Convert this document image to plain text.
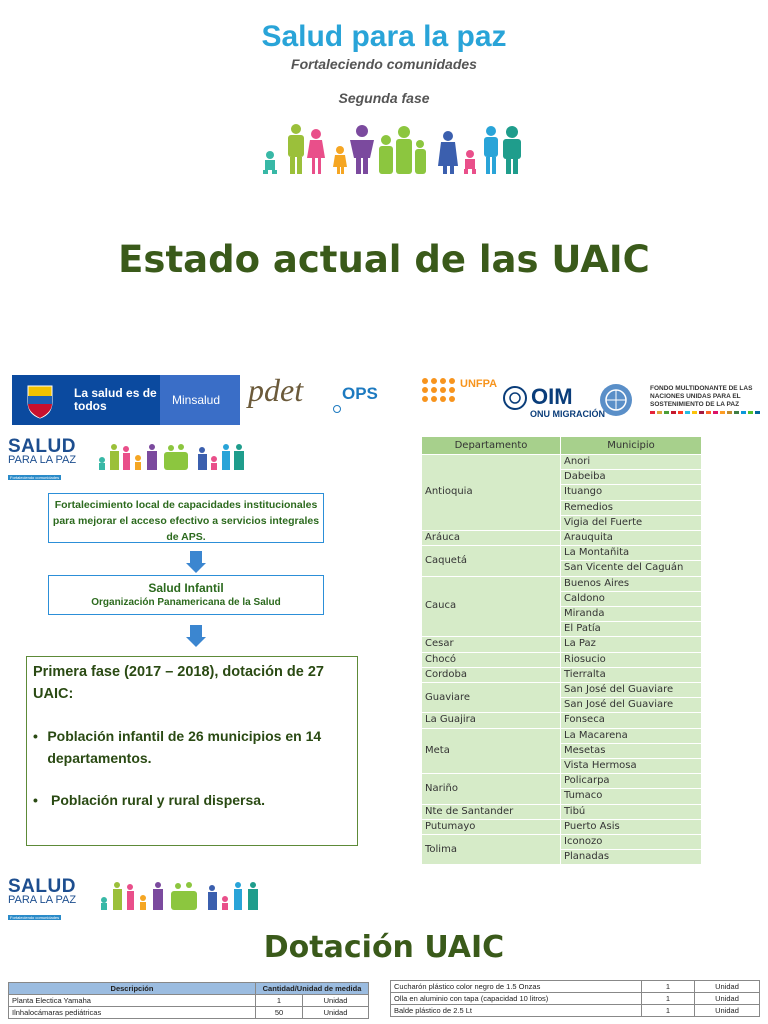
Salud para la paz
Fortaleciendo comunidades
Segunda fase
Estado actual de las UAIC
La salud es de todos	Minsalud pdet OPS	UNFPA OIM
ONU MIGRACIÓN
FONDO MULTIDONANTE DE LAS NACIONES UNIDAS PARA EL SOSTENIMIENTO DE LA PAZ
SALUD
PARA LA PAZ
Fortaleciendo comunidades
Fortalecimiento local de capacidades institucionales para mejorar el acceso efectivo a servicios integrales de APS.
Salud Infantil
Organización Panamericana de la Salud
Primera fase (2017 – 2018), dotación de 27 UAIC:
• Población infantil de 26 municipios en 14 departamentos.
• Población rural y rural dispersa.
Departamento	Municipio
Antioquia	Anori
	Dabeiba
	Ituango
	Remedios
	Vigia del Fuerte
Aráuca	Arauquita
Caquetá	La Montañita
	San Vicente del Caguán
Cauca	Buenos Aires
	Caldono
	Miranda
	El Patía
Cesar	La Paz
Chocó	Riosucio
Cordoba	Tierralta
Guaviare	San José del Guaviare
	San José del Guaviare
La Guajira	Fonseca
Meta	La Macarena
	Mesetas
	Vista Hermosa
Nariño	Policarpa
	Tumaco
Nte de Santander	Tibú
Putumayo	Puerto Asis
Tolima	Iconozo
	Planadas
SALUD
PARA LA PAZ
Fortaleciendo comunidades
Dotación UAIC
Descripción	Cantidad/Unidad de medida	
Planta Electica Yamaha	1	Unidad
Ilnhalocámaras pediátricas	50	Unidad
Cucharón plástico color negro de 1.5 Onzas	1	Unidad
Olla en aluminio con tapa (capacidad 10 litros)	1	Unidad
Balde plástico de 2.5 Lt	1	Unidad
